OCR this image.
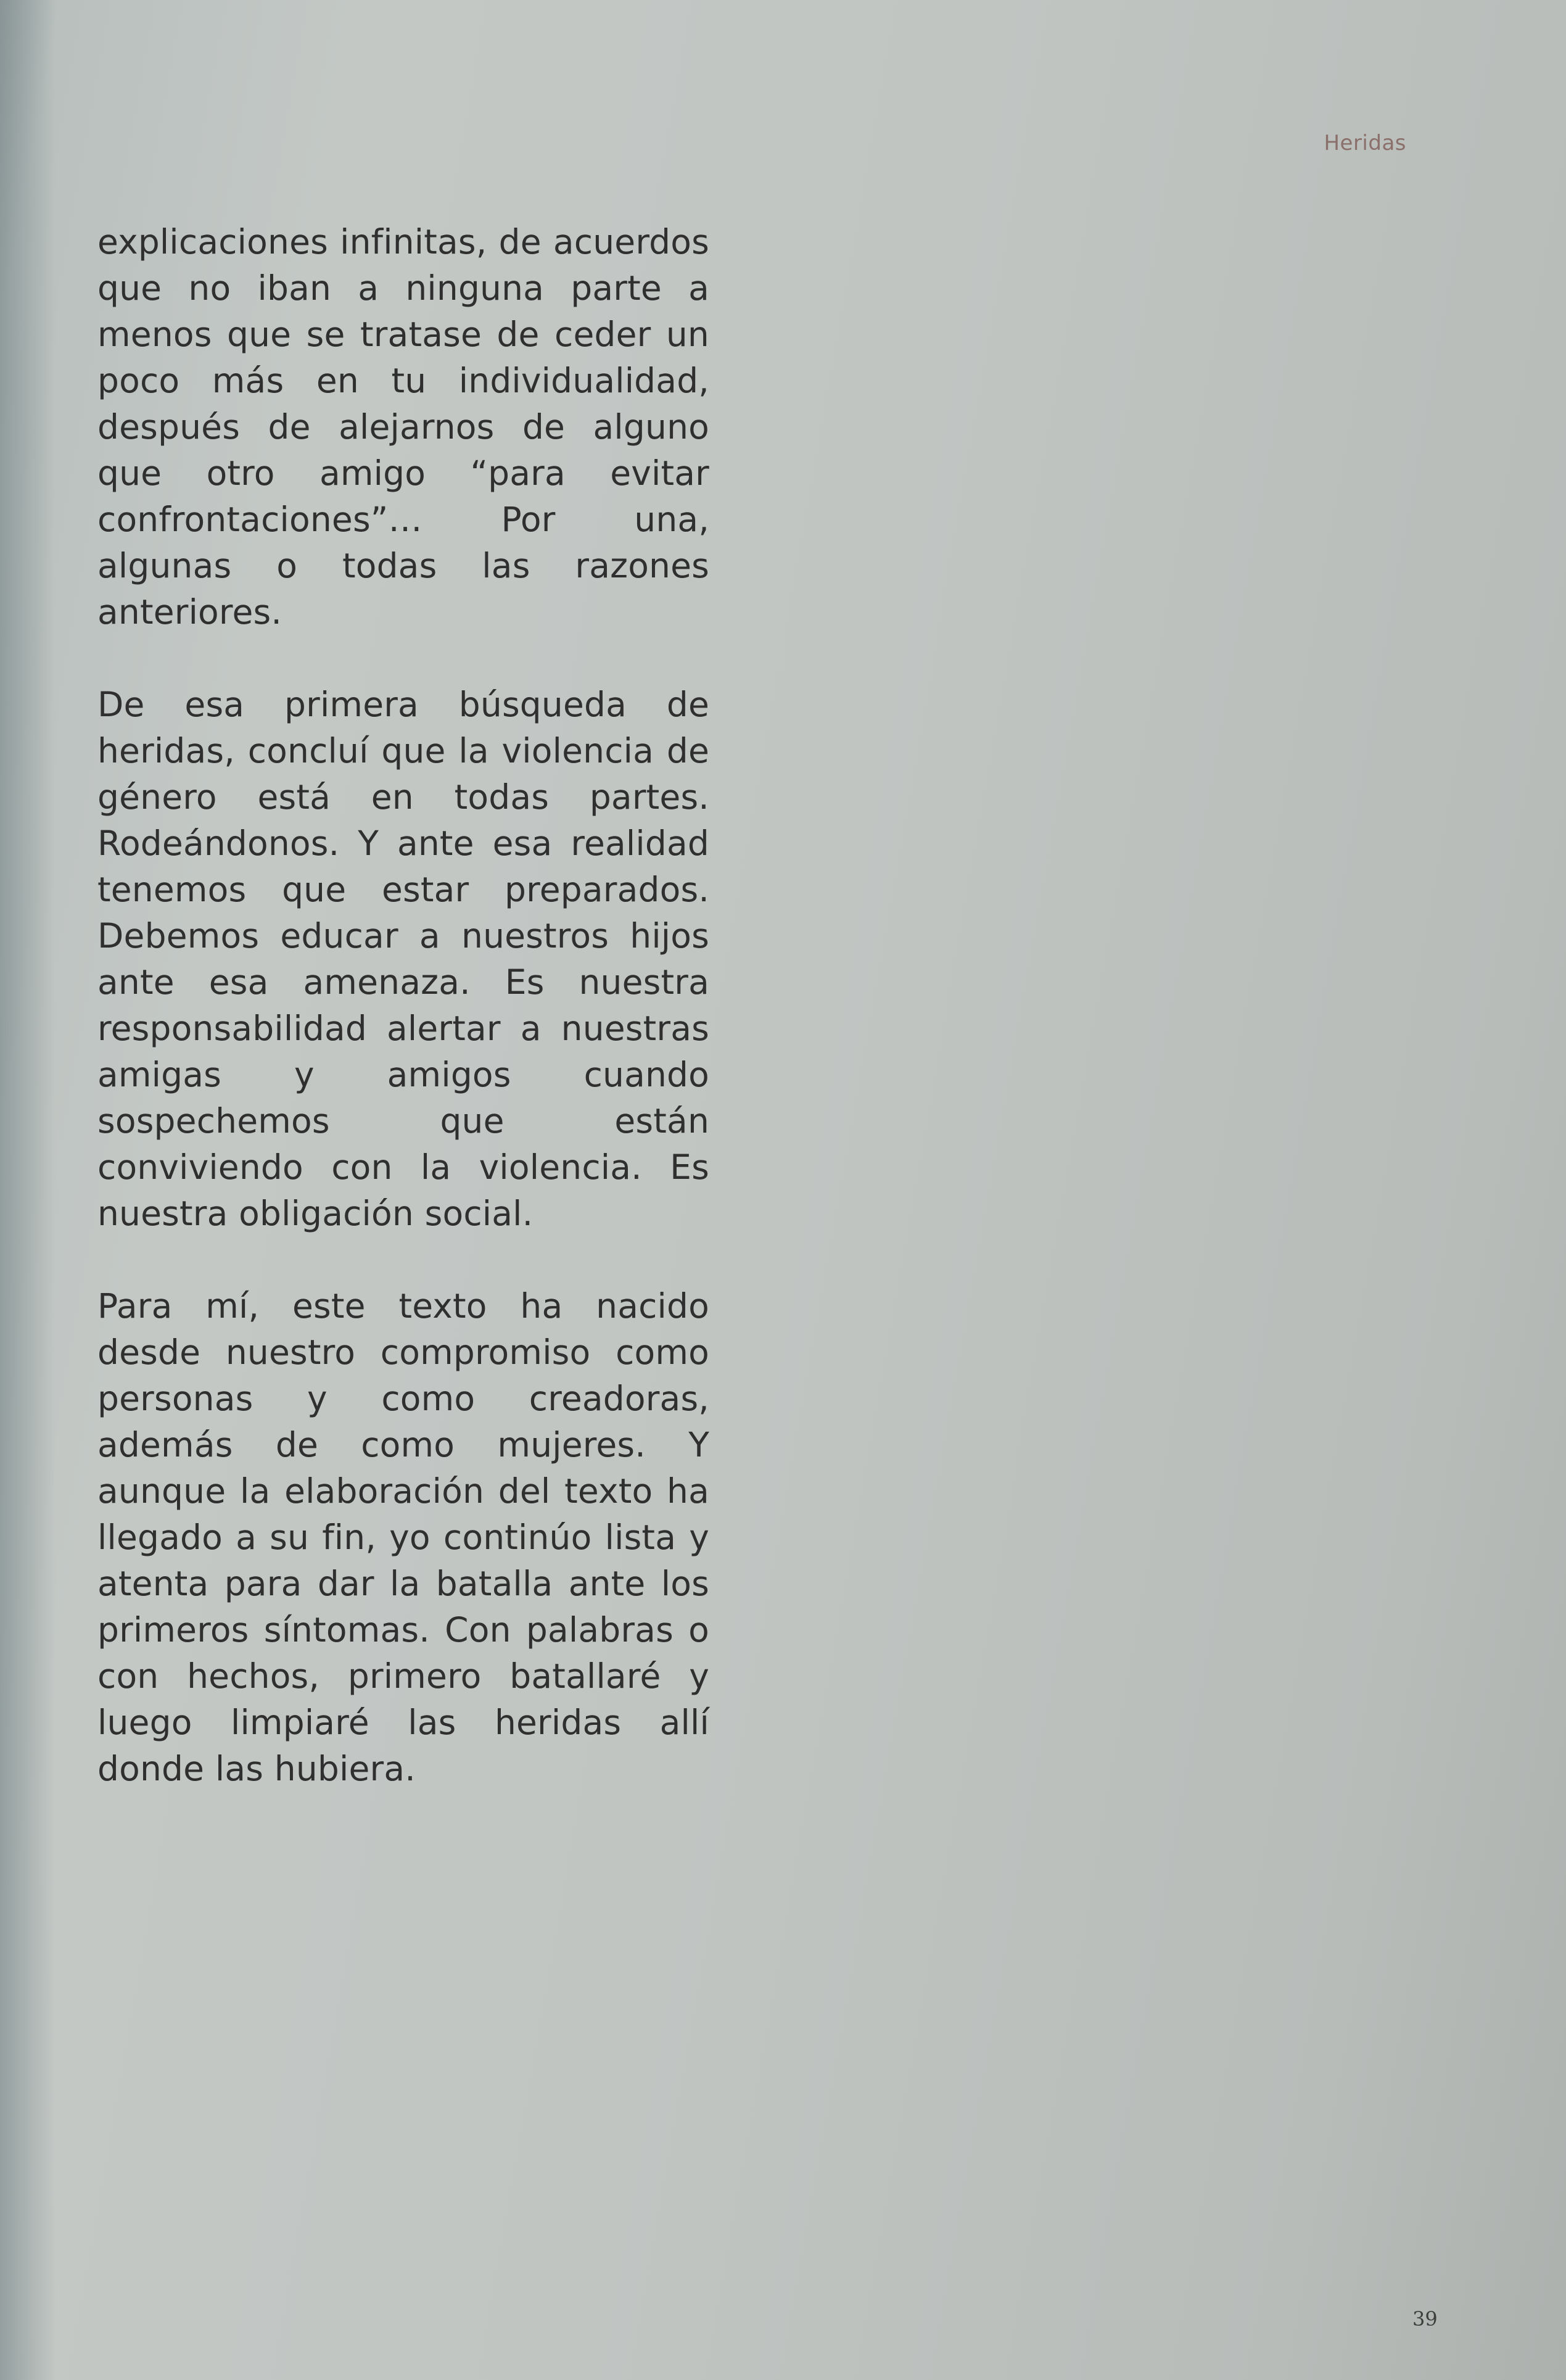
Heridas

explicaciones infinitas, de acuerdos que no iban a ninguna parte a menos que se tratase de ceder un poco más en tu individualidad, después de alejarnos de alguno que otro amigo “para evitar confrontaciones”… Por una, algunas o todas las razones anteriores.

De esa primera búsqueda de heridas, concluí que la violencia de género está en todas partes. Rodeándonos. Y ante esa realidad tenemos que estar preparados. Debemos educar a nuestros hijos ante esa amenaza. Es nuestra responsabilidad alertar a nuestras amigas y amigos cuando sospechemos que están conviviendo con la violencia. Es nuestra obligación social.

Para mí, este texto ha nacido desde nuestro compromiso como personas y como creadoras, además de como mujeres. Y aunque la elaboración del texto ha llegado a su fin, yo continúo lista y atenta para dar la batalla ante los primeros síntomas. Con palabras o con hechos, primero batallaré y luego limpiaré las heridas allí donde las hubiera.

39
